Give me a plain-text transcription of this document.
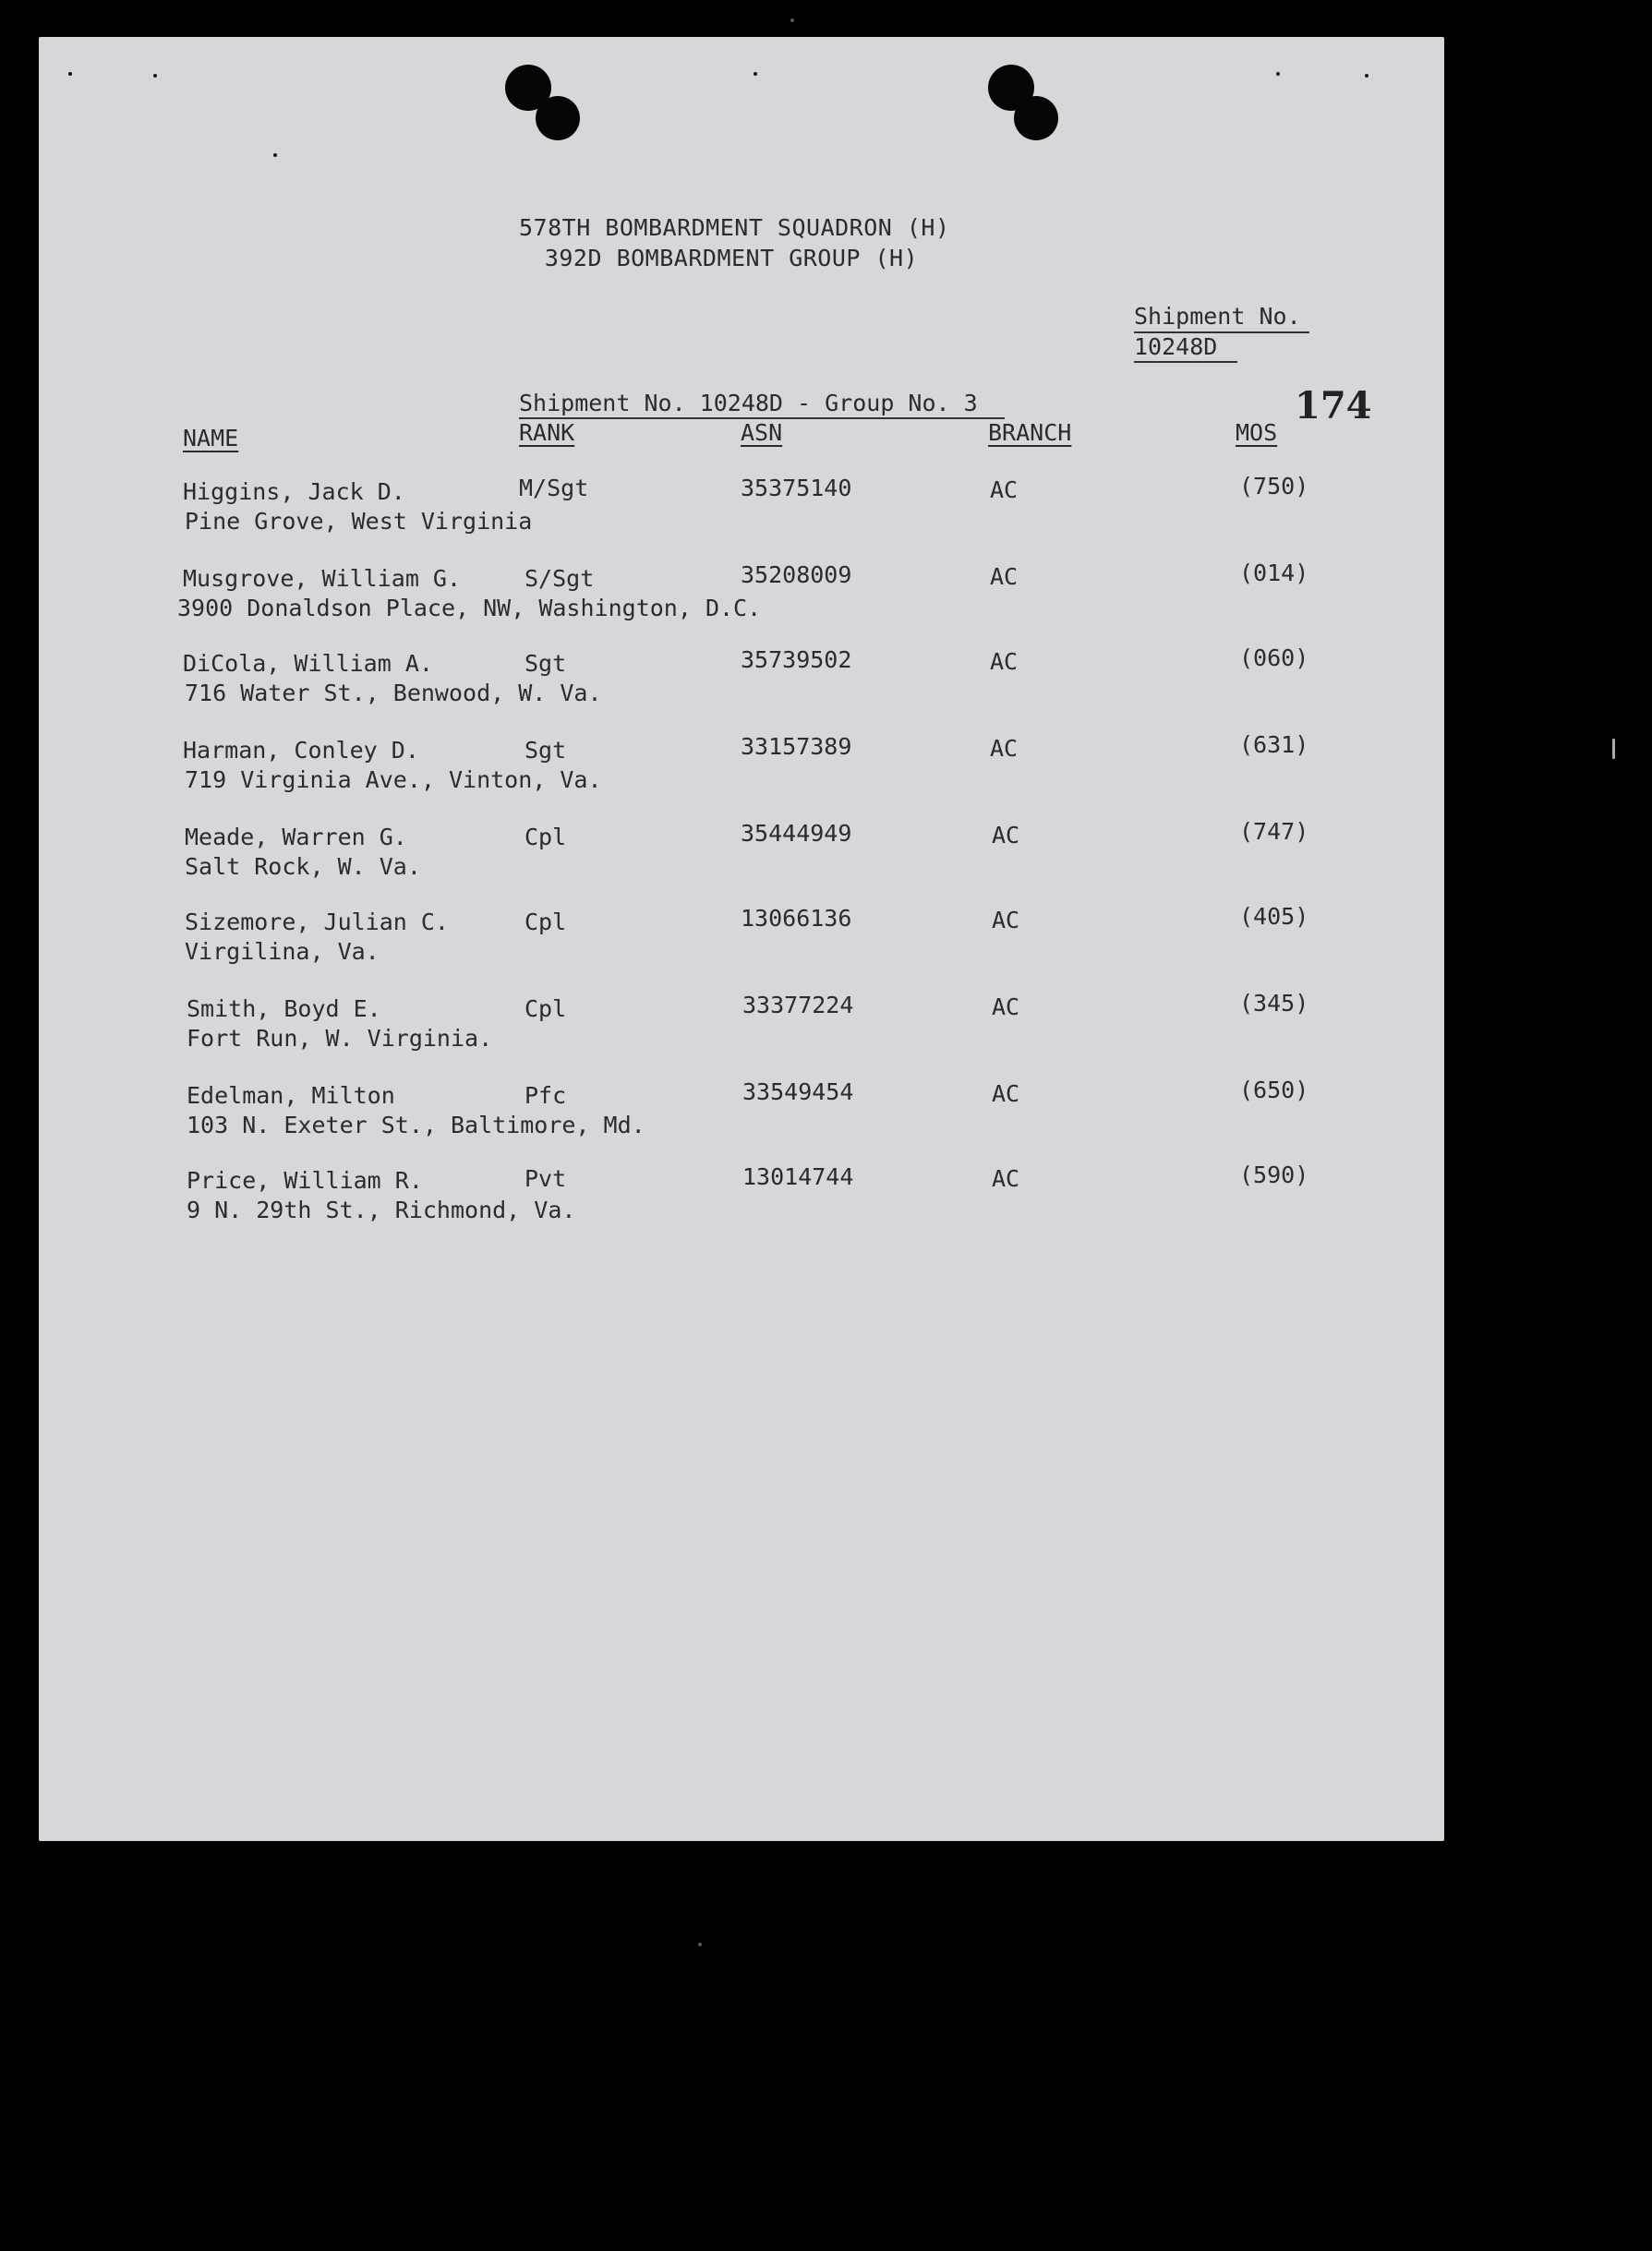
578TH BOMBARDMENT SQUADRON (H)
392D BOMBARDMENT GROUP (H)
Shipment No.
10248D
Shipment No. 10248D - Group No. 3	174
NAME	RANK	ASN	BRANCH	MOS
Higgins, Jack D.	M/Sgt	35375140	AC	(750)
Pine Grove, West Virginia
Musgrove, William G.	S/Sgt	35208009	AC	(014)
3900 Donaldson Place, NW, Washington, D.C.
DiCola, William A.	Sgt	35739502	AC	(060)
716 Water St., Benwood, W. Va.
Harman, Conley D.	Sgt	33157389	AC	(631)
719 Virginia Ave., Vinton, Va.
Meade, Warren G.	Cpl	35444949	AC	(747)
Salt Rock, W. Va.
Sizemore, Julian C.	Cpl	13066136	AC	(405)
Virgilina, Va.
Smith, Boyd E.	Cpl	33377224	AC	(345)
Fort Run, W. Virginia.
Edelman, Milton	Pfc	33549454	AC	(650)
103 N. Exeter St., Baltimore, Md.
Price, William R.	Pvt	13014744	AC	(590)
9 N. 29th St., Richmond, Va.
